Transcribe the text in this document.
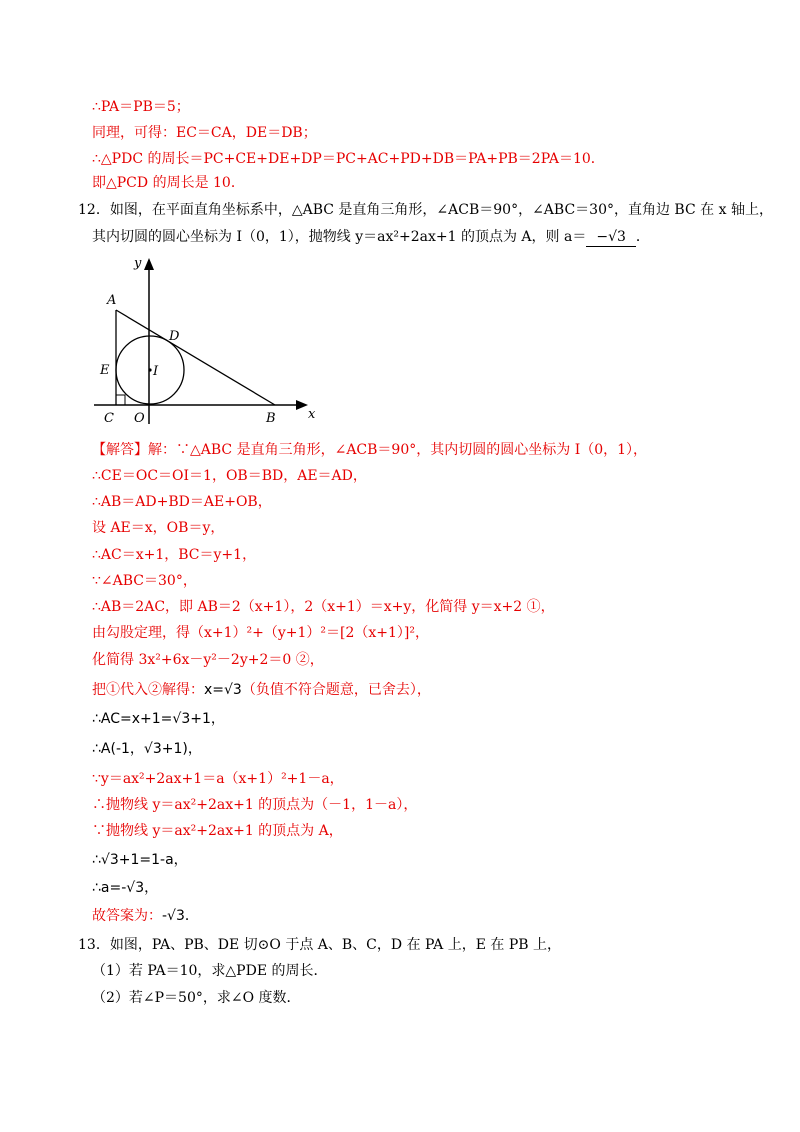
∴PA＝PB＝5；
同理，可得：EC＝CA，DE＝DB；
∴△PDC 的周长＝PC+CE+DE+DP＝PC+AC+PD+DB＝PA+PB＝2PA＝10．
即△PCD 的周长是 10．
12．如图，在平面直角坐标系中，△ABC 是直角三角形，∠ACB＝90°，∠ABC＝30°，直角边 BC 在 x 轴上，
其内切圆的圆心坐标为 I（0，1），抛物线 y＝ax²+2ax+1 的顶点为 A，则 a＝ −√3 ．
y
x
A
D
E	I
C O	B
【解答】解：∵△ABC 是直角三角形，∠ACB＝90°，其内切圆的圆心坐标为 I（0，1），
∴CE＝OC＝OI＝1，OB＝BD，AE＝AD，
∴AB＝AD+BD＝AE+OB，
设 AE＝x，OB＝y，
∴AC＝x+1，BC＝y+1，
∵∠ABC＝30°，
∴AB＝2AC，即 AB＝2（x+1），2（x+1）＝x+y，化简得 y＝x+2 ①，
由勾股定理，得（x+1）²+（y+1）²＝[2（x+1）]²，
化简得 3x²+6x－y²－2y+2＝0 ②，
把①代入②解得：x=√3（负值不符合题意，已舍去），
∴AC=x+1=√3+1，
∴A(-1，√3+1)，
∵y＝ax²+2ax+1＝a（x+1）²+1－a，
∴抛物线 y＝ax²+2ax+1 的顶点为（－1，1－a），
∵抛物线 y＝ax²+2ax+1 的顶点为 A，
∴√3+1=1-a，
∴a=-√3，
故答案为：-√3．
13．如图，PA、PB、DE 切⊙O 于点 A、B、C，D 在 PA 上，E 在 PB 上，
（1）若 PA＝10，求△PDE 的周长．
（2）若∠P＝50°，求∠O 度数．
